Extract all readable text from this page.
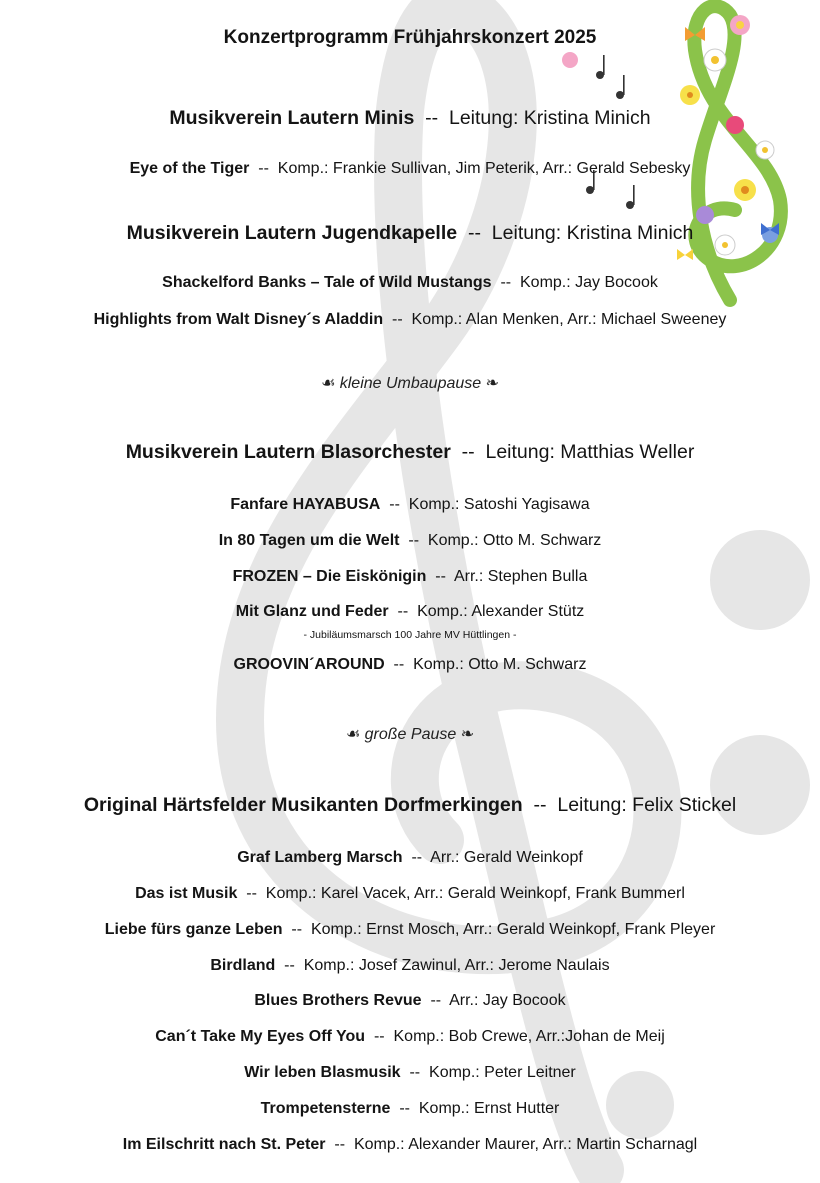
Konzertprogramm Frühjahrskonzert 2025
Musikverein Lautern Minis  --  Leitung: Kristina Minich
Eye of the Tiger  --  Komp.: Frankie Sullivan, Jim Peterik, Arr.: Gerald Sebesky
Musikverein Lautern Jugendkapelle  --  Leitung: Kristina Minich
Shackelford Banks – Tale of Wild Mustangs  --  Komp.: Jay Bocook
Highlights from Walt Disney´s Aladdin  --  Komp.: Alan Menken, Arr.: Michael Sweeney
☙ kleine Umbaupause ❧
Musikverein Lautern Blasorchester  --  Leitung: Matthias Weller
Fanfare HAYABUSA  --  Komp.: Satoshi Yagisawa
In 80 Tagen um die Welt  --  Komp.: Otto M. Schwarz
FROZEN – Die Eiskönigin  --  Arr.: Stephen Bulla
Mit Glanz und Feder  --  Komp.: Alexander Stütz
- Jubiläumsmarsch 100 Jahre MV Hüttlingen -
GROOVIN´AROUND  --  Komp.: Otto M. Schwarz
☙ große Pause ❧
Original Härtsfelder Musikanten Dorfmerkingen  --  Leitung: Felix Stickel
Graf Lamberg Marsch  --  Arr.: Gerald Weinkopf
Das ist Musik  --  Komp.: Karel Vacek, Arr.: Gerald Weinkopf, Frank Bummerl
Liebe fürs ganze Leben  --  Komp.: Ernst Mosch, Arr.: Gerald Weinkopf, Frank Pleyer
Birdland  --  Komp.: Josef Zawinul, Arr.: Jerome Naulais
Blues Brothers Revue  --  Arr.: Jay Bocook
Can´t Take My Eyes Off You  --  Komp.: Bob Crewe, Arr.:Johan de Meij
Wir leben Blasmusik  --  Komp.: Peter Leitner
Trompetensterne  --  Komp.: Ernst Hutter
Im Eilschritt nach St. Peter  --  Komp.: Alexander Maurer, Arr.: Martin Scharnagl
